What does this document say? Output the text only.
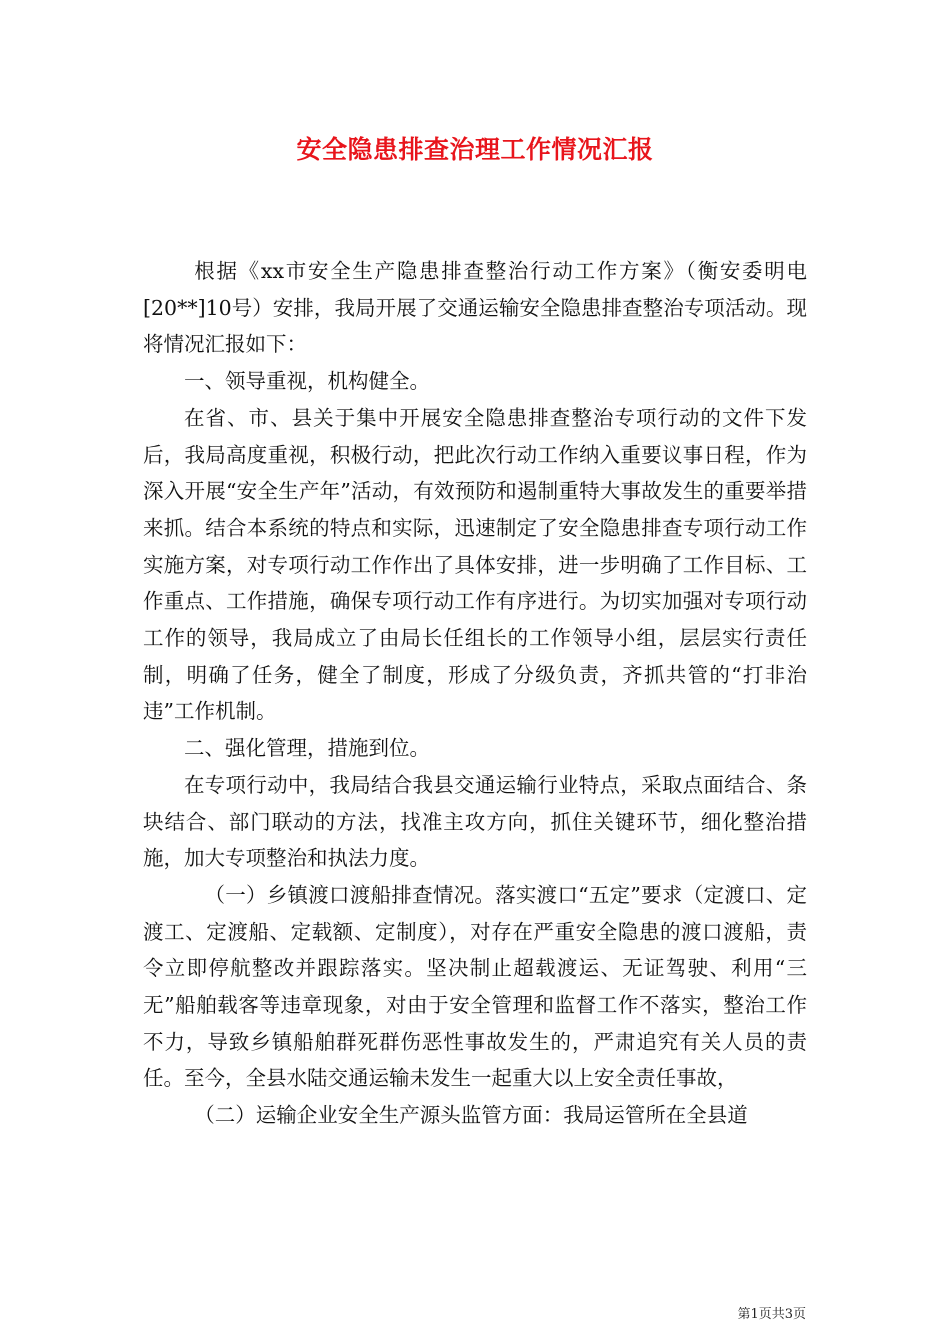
安全隐患排查治理工作情况汇报

根据《xx市安全生产隐患排查整治行动工作方案》（衡安委明电[20**]10号）安排，我局开展了交通运输安全隐患排查整治专项活动。现将情况汇报如下：

一、领导重视，机构健全。

在省、市、县关于集中开展安全隐患排查整治专项行动的文件下发后，我局高度重视，积极行动，把此次行动工作纳入重要议事日程，作为深入开展“安全生产年”活动，有效预防和遏制重特大事故发生的重要举措来抓。结合本系统的特点和实际，迅速制定了安全隐患排查专项行动工作实施方案，对专项行动工作作出了具体安排，进一步明确了工作目标、工作重点、工作措施，确保专项行动工作有序进行。为切实加强对专项行动工作的领导，我局成立了由局长任组长的工作领导小组，层层实行责任制，明确了任务，健全了制度，形成了分级负责，齐抓共管的“打非治违”工作机制。

二、强化管理，措施到位。

在专项行动中，我局结合我县交通运输行业特点，采取点面结合、条块结合、部门联动的方法，找准主攻方向，抓住关键环节，细化整治措施，加大专项整治和执法力度。

（一）乡镇渡口渡船排查情况。落实渡口“五定”要求（定渡口、定渡工、定渡船、定载额、定制度），对存在严重安全隐患的渡口渡船，责令立即停航整改并跟踪落实。坚决制止超载渡运、无证驾驶、利用“三无”船舶载客等违章现象，对由于安全管理和监督工作不落实，整治工作不力，导致乡镇船舶群死群伤恶性事故发生的，严肃追究有关人员的责任。至今，全县水陆交通运输未发生一起重大以上安全责任事故，

（二）运输企业安全生产源头监管方面：我局运管所在全县道

第1页共3页
